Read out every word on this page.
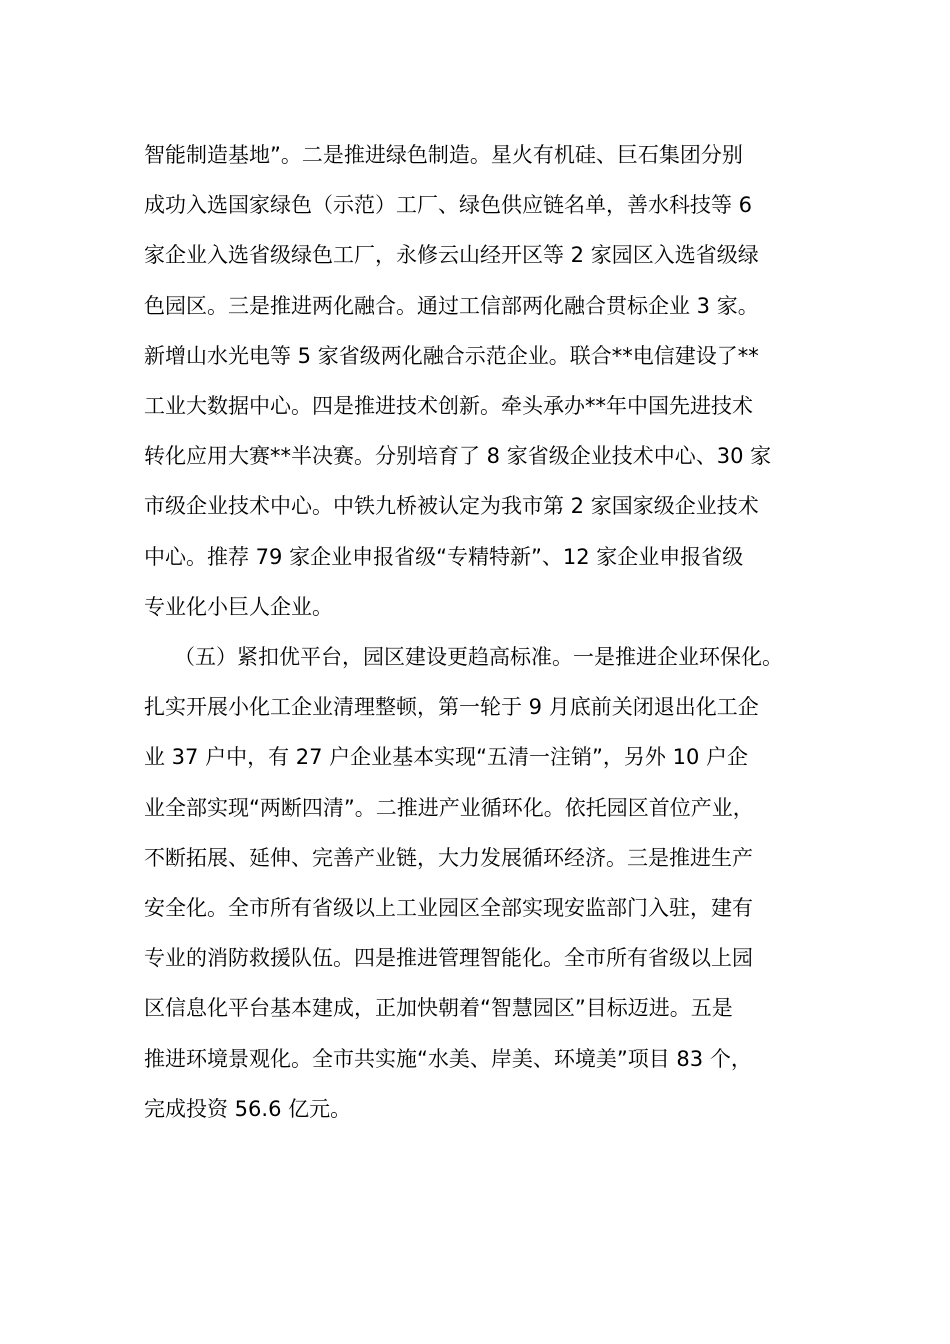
智能制造基地”。二是推进绿色制造。星火有机硅、巨石集团分别
成功入选国家绿色（示范）工厂、绿色供应链名单，善水科技等 6
家企业入选省级绿色工厂，永修云山经开区等 2 家园区入选省级绿
色园区。三是推进两化融合。通过工信部两化融合贯标企业 3 家。
新增山水光电等 5 家省级两化融合示范企业。联合**电信建设了**
工业大数据中心。四是推进技术创新。牵头承办**年中国先进技术
转化应用大赛**半决赛。分别培育了 8 家省级企业技术中心、30 家
市级企业技术中心。中铁九桥被认定为我市第 2 家国家级企业技术
中心。推荐 79 家企业申报省级“专精特新”、12 家企业申报省级
专业化小巨人企业。
（五）紧扣优平台，园区建设更趋高标准。一是推进企业环保化。
扎实开展小化工企业清理整顿，第一轮于 9 月底前关闭退出化工企
业 37 户中，有 27 户企业基本实现“五清一注销”，另外 10 户企
业全部实现“两断四清”。二推进产业循环化。依托园区首位产业，
不断拓展、延伸、完善产业链，大力发展循环经济。三是推进生产
安全化。全市所有省级以上工业园区全部实现安监部门入驻，建有
专业的消防救援队伍。四是推进管理智能化。全市所有省级以上园
区信息化平台基本建成，正加快朝着“智慧园区”目标迈进。五是
推进环境景观化。全市共实施“水美、岸美、环境美”项目 83 个，
完成投资 56.6 亿元。
